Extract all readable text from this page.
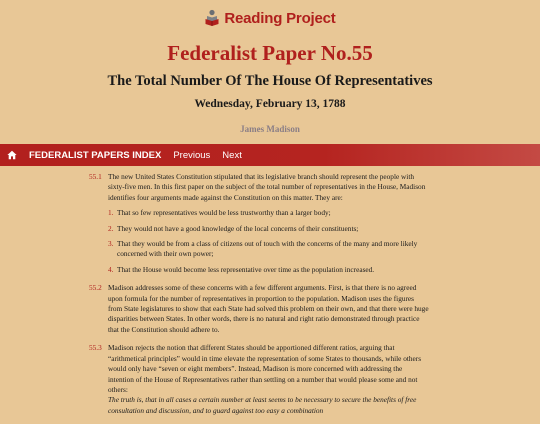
Reading Project
Federalist Paper No.55
The Total Number Of The House Of Representatives
Wednesday, February 13, 1788
James Madison
FEDERALIST PAPERS INDEX Previous Next
55.1 The new United States Constitution stipulated that its legislative branch should represent the people with sixty-five men. In this first paper on the subject of the total number of representatives in the House, Madison identifies four arguments made against the Constitution on this matter. They are:

1. That so few representatives would be less trustworthy than a larger body;
2. They would not have a good knowledge of the local concerns of their constituents;
3. That they would be from a class of citizens out of touch with the concerns of the many and more likely concerned with their own power;
4. That the House would become less representative over time as the population increased.
55.2 Madison addresses some of these concerns with a few different arguments. First, is that there is no agreed upon formula for the number of representatives in proportion to the population. Madison uses the figures from State legislatures to show that each State had solved this problem on their own, and that there were huge disparities between States. In other words, there is no natural and right ratio demonstrated through practice that the Constitution should adhere to.

55.3 Madison rejects the notion that different States should be apportioned different ratios, arguing that “arithmetical principles” would in time elevate the representation of some States to thousands, while others would only have “seven or eight members”. Instead, Madison is more concerned with addressing the intention of the House of Representatives rather than settling on a number that would please some and not others:

The truth is, that in all cases a certain number at least seems to be necessary to secure the benefits of free consultation and discussion, and to guard against too easy a combination
